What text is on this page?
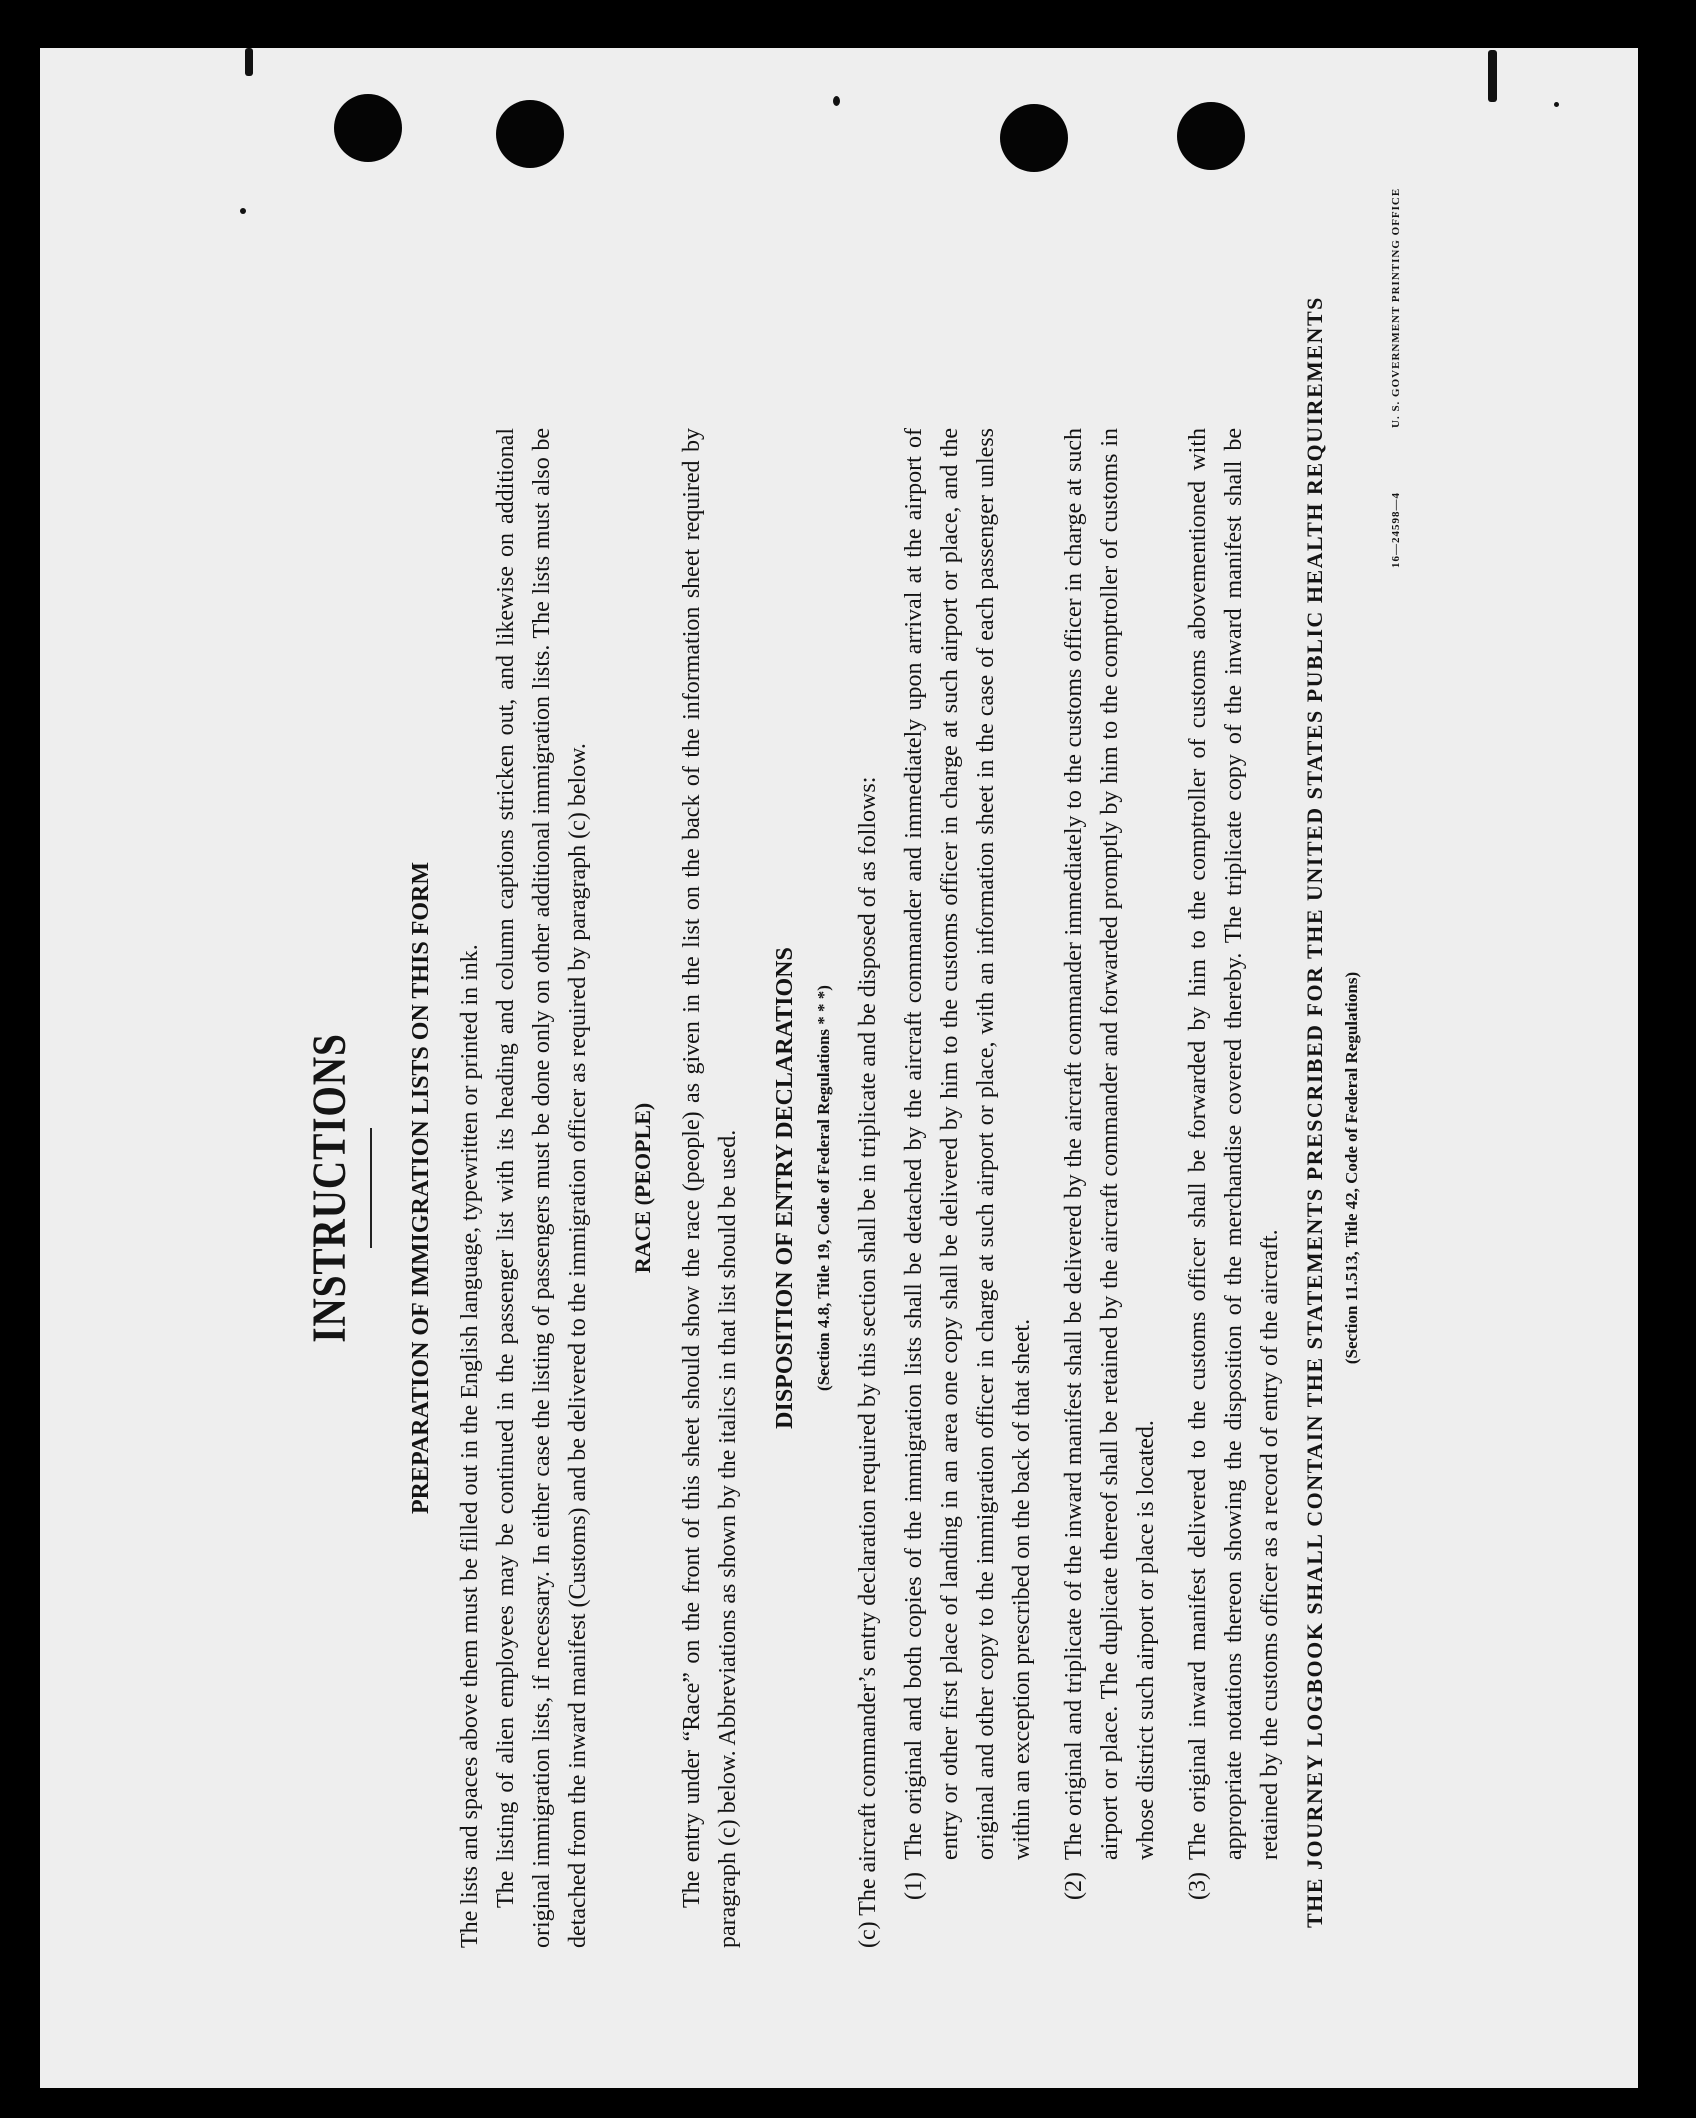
INSTRUCTIONS PREPARATION OF IMMIGRATION LISTS ON THIS FORM The lists and spaces above them must be filled out in the English language, typewritten or printed in ink. The listing of alien employees may be continued in the passenger list with its heading and column captions stricken out, and likewise on additional original immigration lists, if necessary. In either case the listing of passengers must be done only on other additional immigration lists. The lists must also be detached from the inward manifest (Customs) and be delivered to the immigration officer as required by paragraph (c) below. RACE (PEOPLE) The entry under “Race” on the front of this sheet should show the race (people) as given in the list on the back of the information sheet required by paragraph (c) below. Abbreviations as shown by the italics in that list should be used. DISPOSITION OF ENTRY DECLARATIONS (Section 4.8, Title 19, Code of Federal Regulations * * *) (c) The aircraft commander’s entry declaration required by this section shall be in triplicate and be disposed of as follows: (1)
The original and both copies of the immigration lists shall be detached by the aircraft commander and immediately upon arrival at the airport of entry or other first place of landing in an area one copy shall be delivered by him to the customs officer in charge at such airport or place, and the original and other copy to the immigration officer in charge at such airport or place, with an information sheet in the case of each passenger unless within an exception prescribed on the back of that sheet.
(2)
The original and triplicate of the inward manifest shall be delivered by the aircraft commander immediately to the customs officer in charge at such airport or place. The duplicate thereof shall be retained by the aircraft commander and forwarded promptly by him to the comptroller of customs in whose district such airport or place is located.
(3)
The original inward manifest delivered to the customs officer shall be forwarded by him to the comptroller of customs abovementioned with appropriate notations thereon showing the disposition of the merchandise covered thereby. The triplicate copy of the inward manifest shall be retained by the customs officer as a record of entry of the aircraft. THE JOURNEY LOGBOOK SHALL CONTAIN THE STATEMENTS PRESCRIBED FOR THE UNITED STATES PUBLIC HEALTH REQUIREMENTS (Section 11.513, Title 42, Code of Federal Regulations)
16—24598—4
U. S. GOVERNMENT PRINTING OFFICE
